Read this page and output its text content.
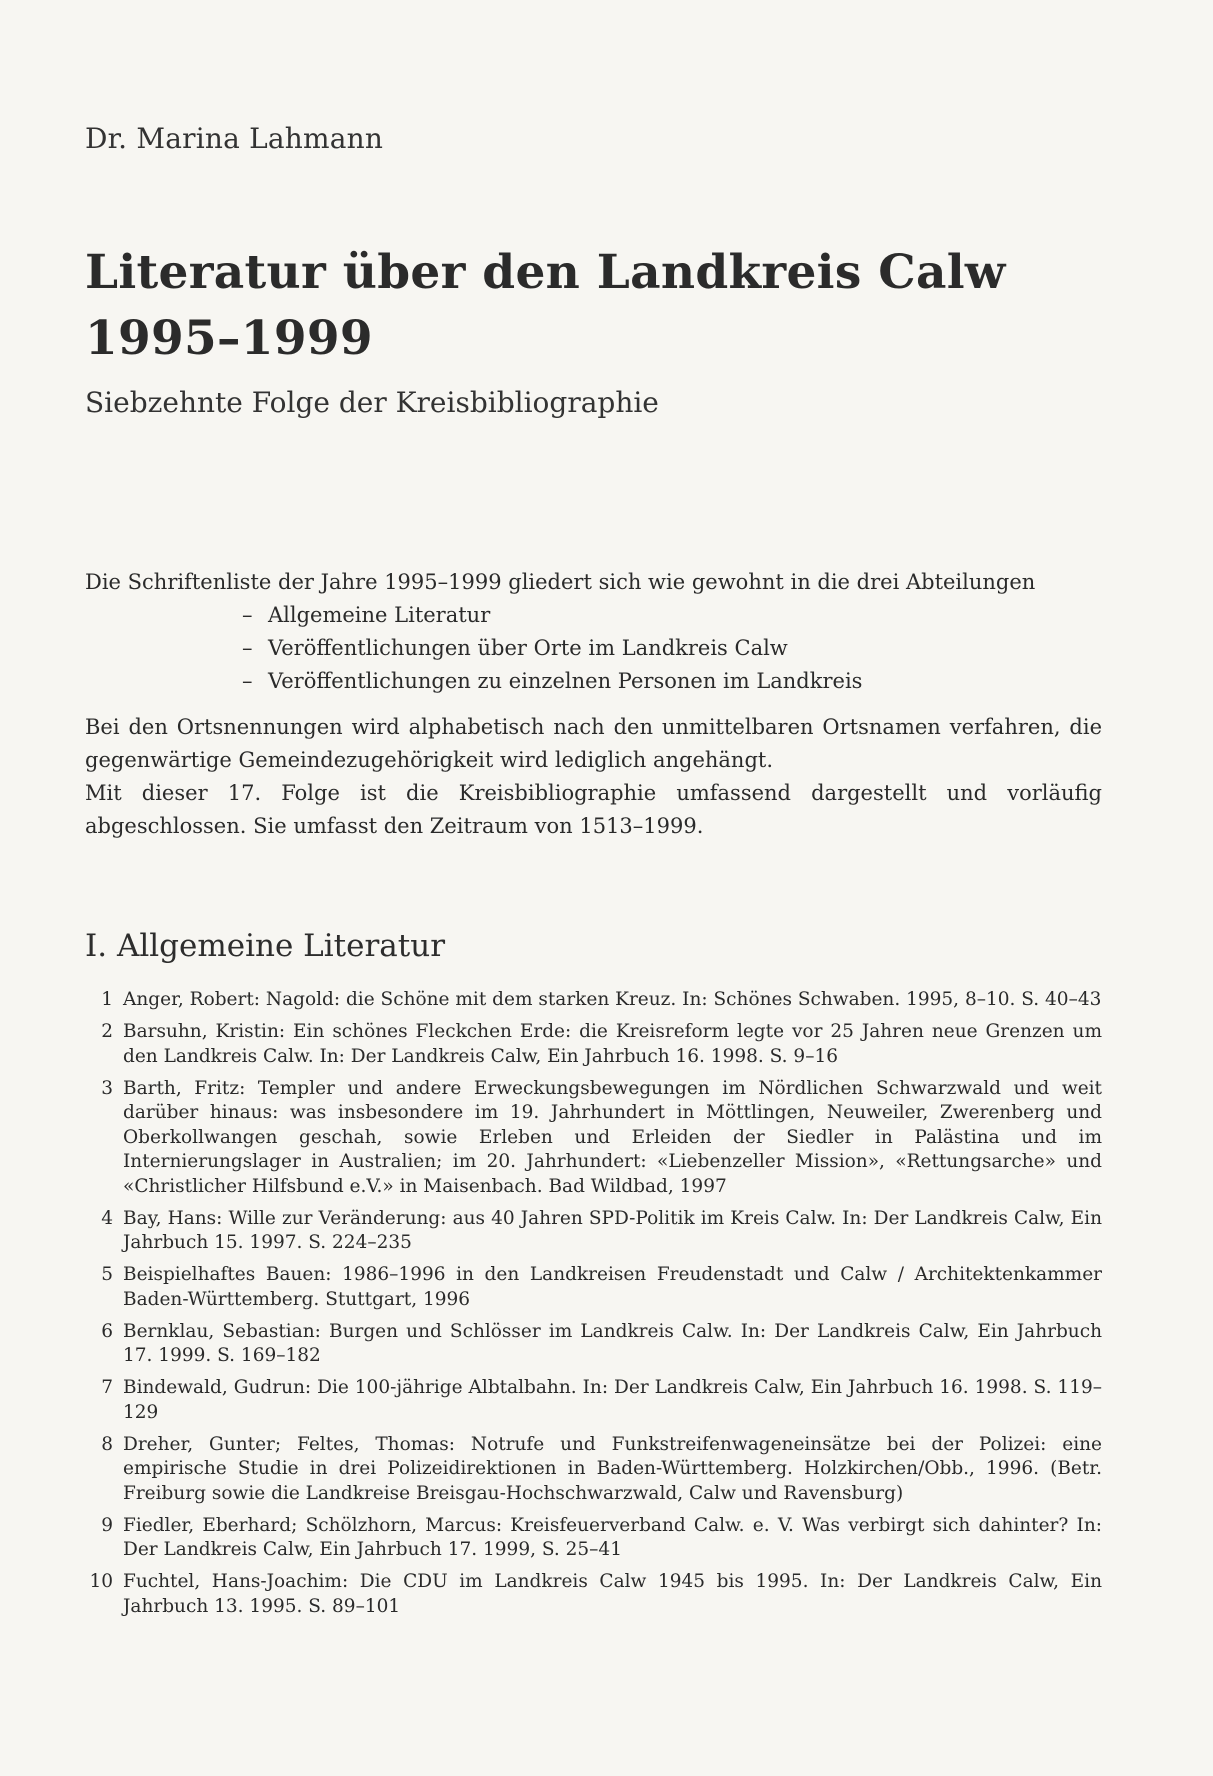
Dr. Marina Lahmann
Literatur über den Landkreis Calw
1995–1999
Siebzehnte Folge der Kreisbibliographie

Die Schriftenliste der Jahre 1995–1999 gliedert sich wie gewohnt in die drei Abteilungen

– Allgemeine Literatur
– Veröffentlichungen über Orte im Landkreis Calw
– Veröffentlichungen zu einzelnen Personen im Landkreis

Bei den Ortsnennungen wird alphabetisch nach den unmittelbaren Ortsnamen verfahren, die gegenwärtige Gemeindezugehörigkeit wird lediglich angehängt.

Mit dieser 17. Folge ist die Kreisbibliographie umfassend dargestellt und vorläufig abgeschlossen. Sie umfasst den Zeitraum von 1513–1999.

I. Allgemeine Literatur
1 Anger, Robert: Nagold: die Schöne mit dem starken Kreuz. In: Schönes Schwaben. 1995, 8–10. S. 40–43
2 Barsuhn, Kristin: Ein schönes Fleckchen Erde: die Kreisreform legte vor 25 Jahren neue Grenzen um den Landkreis Calw. In: Der Landkreis Calw, Ein Jahrbuch 16. 1998. S. 9–16
3 Barth, Fritz: Templer und andere Erweckungsbewegungen im Nördlichen Schwarzwald und weit darüber hinaus: was insbesondere im 19. Jahrhundert in Möttlingen, Neuweiler, Zwerenberg und Oberkollwangen geschah, sowie Erleben und Erleiden der Siedler in Palästina und im Internierungslager in Australien; im 20. Jahrhundert: «Liebenzeller Mission», «Rettungsarche» und «Christlicher Hilfsbund e.V.» in Maisenbach. Bad Wildbad, 1997
4 Bay, Hans: Wille zur Veränderung: aus 40 Jahren SPD-Politik im Kreis Calw. In: Der Landkreis Calw, Ein Jahrbuch 15. 1997. S. 224–235
5 Beispielhaftes Bauen: 1986–1996 in den Landkreisen Freudenstadt und Calw / Architektenkammer Baden-Württemberg. Stuttgart, 1996
6 Bernklau, Sebastian: Burgen und Schlösser im Landkreis Calw. In: Der Landkreis Calw, Ein Jahrbuch 17. 1999. S. 169–182
7 Bindewald, Gudrun: Die 100-jährige Albtalbahn. In: Der Landkreis Calw, Ein Jahrbuch 16. 1998. S. 119–129
8 Dreher, Gunter; Feltes, Thomas: Notrufe und Funkstreifenwageneinsätze bei der Polizei: eine empirische Studie in drei Polizeidirektionen in Baden-Württemberg. Holzkirchen/Obb., 1996. (Betr. Freiburg sowie die Landkreise Breisgau-Hochschwarzwald, Calw und Ravensburg)
9 Fiedler, Eberhard; Schölzhorn, Marcus: Kreisfeuerverband Calw. e. V. Was verbirgt sich dahinter? In: Der Landkreis Calw, Ein Jahrbuch 17. 1999, S. 25–41
10 Fuchtel, Hans-Joachim: Die CDU im Landkreis Calw 1945 bis 1995. In: Der Landkreis Calw, Ein Jahrbuch 13. 1995. S. 89–101
